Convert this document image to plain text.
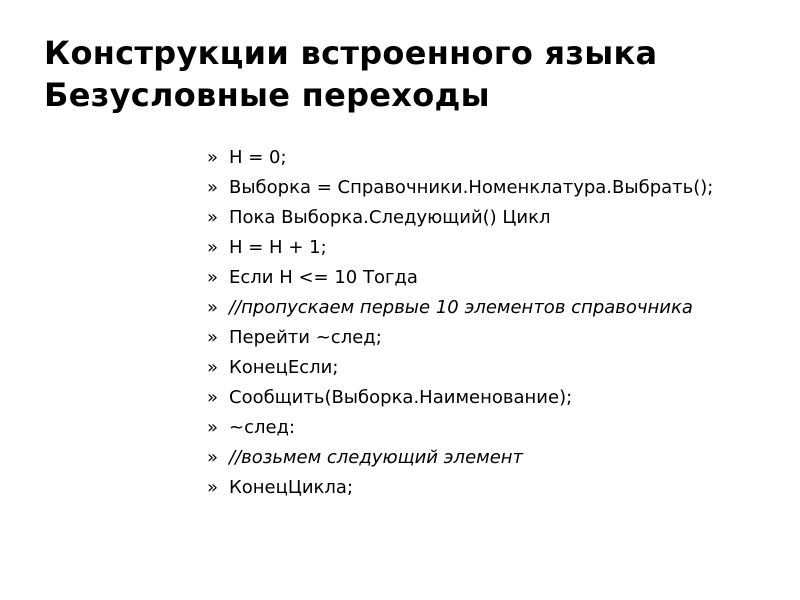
Конструкции встроенного языка
Безусловные переходы
» Н = 0;
» Выборка = Справочники.Номенклатура.Выбрать();
» Пока Выборка.Следующий() Цикл
» Н = Н + 1;
» Если Н <= 10 Тогда
» //пропускаем первые 10 элементов справочника
» Перейти ~след;
» КонецЕсли;
» Сообщить(Выборка.Наименование);
» ~след:
» //возьмем следующий элемент
» КонецЦикла;
